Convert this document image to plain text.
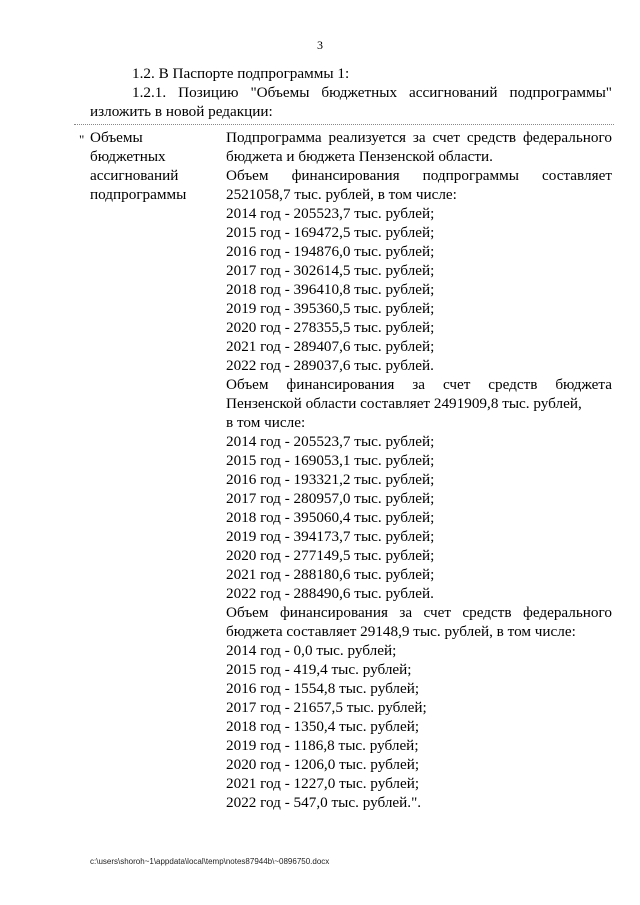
3
1.2. В Паспорте подпрограммы 1:
1.2.1. Позицию "Объемы бюджетных ассигнований подпрограммы"
изложить в новой редакции:
" Объемы
бюджетных
ассигнований
подпрограммы
Подпрограмма реализуется за счет средств федерального
бюджета и бюджета Пензенской области.
Объем финансирования подпрограммы составляет
2521058,7 тыс. рублей, в том числе:
2014 год - 205523,7 тыс. рублей;
2015 год - 169472,5 тыс. рублей;
2016 год - 194876,0 тыс. рублей;
2017 год - 302614,5 тыс. рублей;
2018 год - 396410,8 тыс. рублей;
2019 год - 395360,5 тыс. рублей;
2020 год - 278355,5 тыс. рублей;
2021 год - 289407,6 тыс. рублей;
2022 год - 289037,6 тыс. рублей.
Объем финансирования за счет средств бюджета
Пензенской области составляет 2491909,8 тыс. рублей,
в том числе:
2014 год - 205523,7 тыс. рублей;
2015 год - 169053,1 тыс. рублей;
2016 год - 193321,2 тыс. рублей;
2017 год - 280957,0 тыс. рублей;
2018 год - 395060,4 тыс. рублей;
2019 год - 394173,7 тыс. рублей;
2020 год - 277149,5 тыс. рублей;
2021 год - 288180,6 тыс. рублей;
2022 год - 288490,6 тыс. рублей.
Объем финансирования за счет средств федерального
бюджета составляет 29148,9 тыс. рублей, в том числе:
2014 год - 0,0 тыс. рублей;
2015 год - 419,4 тыс. рублей;
2016 год - 1554,8 тыс. рублей;
2017 год - 21657,5 тыс. рублей;
2018 год - 1350,4 тыс. рублей;
2019 год - 1186,8 тыс. рублей;
2020 год - 1206,0 тыс. рублей;
2021 год - 1227,0 тыс. рублей;
2022 год - 547,0 тыс. рублей.".
c:\users\shoroh~1\appdata\local\temp\notes87944b\~0896750.docx
